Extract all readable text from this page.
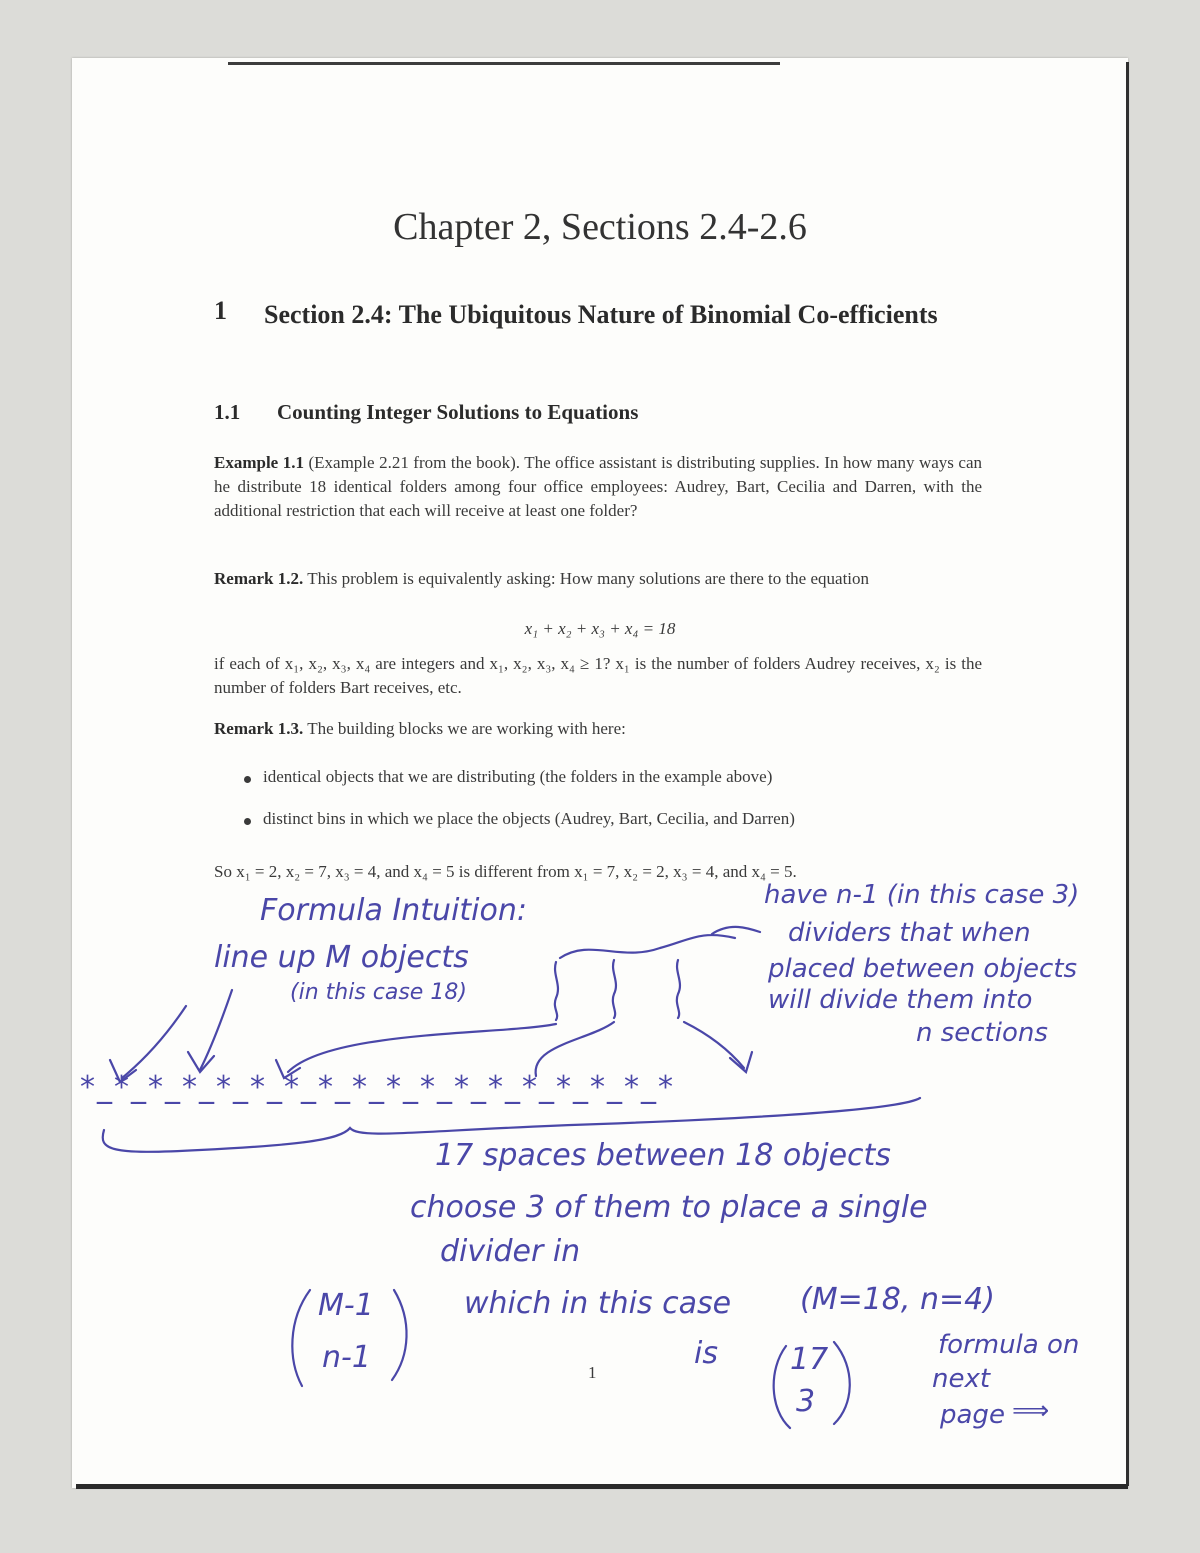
Chapter 2, Sections 2.4-2.6
1	Section 2.4: The Ubiquitous Nature of Binomial Co-efficients
1.1 Counting Integer Solutions to Equations
Example 1.1 (Example 2.21 from the book). The office assistant is distributing supplies. In how many ways can he distribute 18 identical folders among four office employees: Audrey, Bart, Cecilia and Darren, with the additional restriction that each will receive at least one folder?
Remark 1.2. This problem is equivalently asking: How many solutions are there to the equation
x₁ + x₂ + x₃ + x₄ = 18
if each of x₁, x₂, x₃, x₄ are integers and x₁, x₂, x₃, x₄ ≥ 1? x₁ is the number of folders Audrey receives, x₂ is the number of folders Bart receives, etc.
Remark 1.3. The building blocks we are working with here:
identical objects that we are distributing (the folders in the example above)
distinct bins in which we place the objects (Audrey, Bart, Cecilia, and Darren)
So x₁ = 2, x₂ = 7, x₃ = 4, and x₄ = 5 is different from x₁ = 7, x₂ = 2, x₃ = 4, and x₄ = 5.
1
Formula Intuition:
line up M objects
(in this case 18)
have n-1 (in this case 3)
dividers that when
placed between objects
will divide them into
n sections
*_*_*_*_*_*_*_*_*_*_*_*_*_*_*_*_*_*
17 spaces between 18 objects
choose 3 of them to place a single
divider in
M-1
n-1
which in this case (M=18, n=4)
is 17
3
formula on
next
page ⟹
